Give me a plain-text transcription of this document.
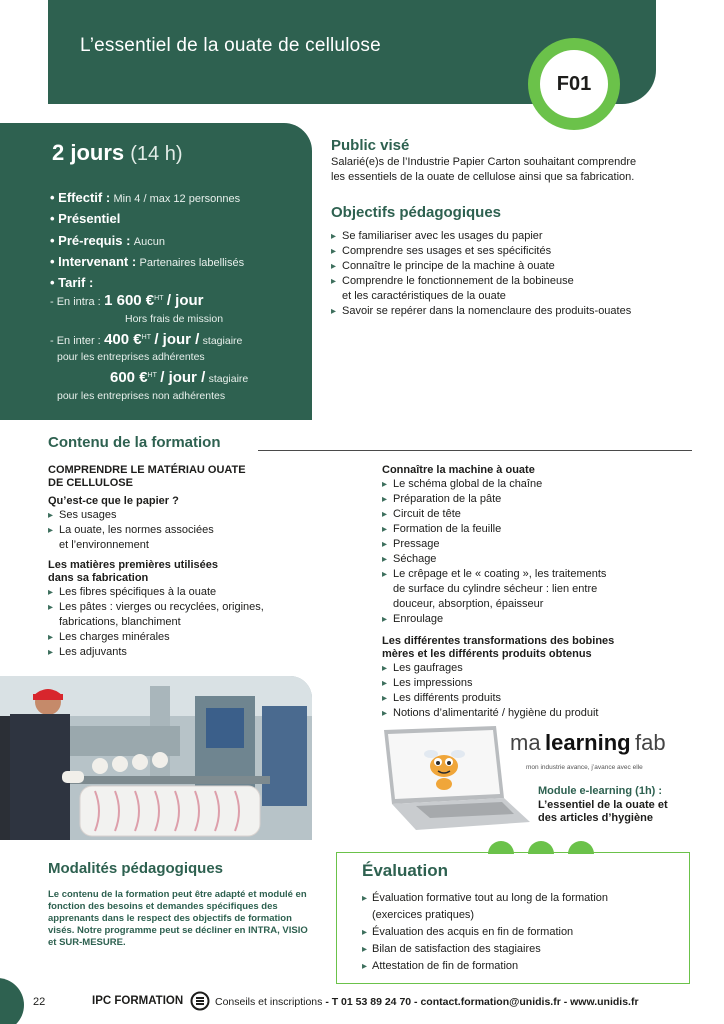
L’essentiel de la ouate de cellulose
F01
2 jours (14 h)
• Effectif : Min 4 / max 12 personnes
• Présentiel
• Pré-requis : Aucun
• Intervenant : Partenaires labellisés
• Tarif :
- En intra : 1 600 €$^{HT}$ / jour
Hors frais de mission
- En inter : 400 €$^{HT}$ / jour / stagiaire
pour les entreprises adhérentes
600 €$^{HT}$ / jour / stagiaire
pour les entreprises non adhérentes
Public visé
Salarié(e)s de l’Industrie Papier Carton souhaitant comprendre
les essentiels de la ouate de cellulose ainsi que sa fabrication.
Objectifs pédagogiques
▸ Se familiariser avec les usages du papier
▸ Comprendre ses usages et ses spécificités
▸ Connaître le principe de la machine à ouate
▸ Comprendre le fonctionnement de la bobineuse
et les caractéristiques de la ouate
▸ Savoir se repérer dans la nomenclaure des produits-ouates
Contenu de la formation
COMPRENDRE LE MATÉRIAU OUATE
DE CELLULOSE
Qu’est-ce que le papier ?
▸ Ses usages
▸ La ouate, les normes associées
et l’environnement
Les matières premières utilisées
dans sa fabrication
▸ Les fibres spécifiques à la ouate
▸ Les pâtes : vierges ou recyclées, origines,
fabrications, blanchiment
▸ Les charges minérales
▸ Les adjuvants
Connaître la machine à ouate
▸ Le schéma global de la chaîne
▸ Préparation de la pâte
▸ Circuit de tête
▸ Formation de la feuille
▸ Pressage
▸ Séchage
▸ Le crêpage et le « coating », les traitements
de surface du cylindre sécheur : lien entre
douceur, absorption, épaisseur
▸ Enroulage
Les différentes transformations des bobines
mères et les différents produits obtenus
▸ Les gaufrages
▸ Les impressions
▸ Les différents produits
▸ Notions d’alimentarité / hygiène du produit
ma learning fab
mon industrie avance, j’avance avec elle
Module e-learning (1h) :
L’essentiel de la ouate et
des articles d’hygiène
Modalités pédagogiques
Le contenu de la formation peut être adapté et modulé en fonction des besoins et demandes spécifiques des apprenants dans le respect des objectifs de formation visés. Notre programme peut se décliner en INTRA, VISIO et SUR-MESURE.
Évaluation
▸ Évaluation formative tout au long de la formation
(exercices pratiques)
▸ Évaluation des acquis en fin de formation
▸ Bilan de satisfaction des stagiaires
▸ Attestation de fin de formation
22	IPC FORMATION	Conseils et inscriptions - T 01 53 89 24 70 - contact.formation@unidis.fr - www.unidis.fr
